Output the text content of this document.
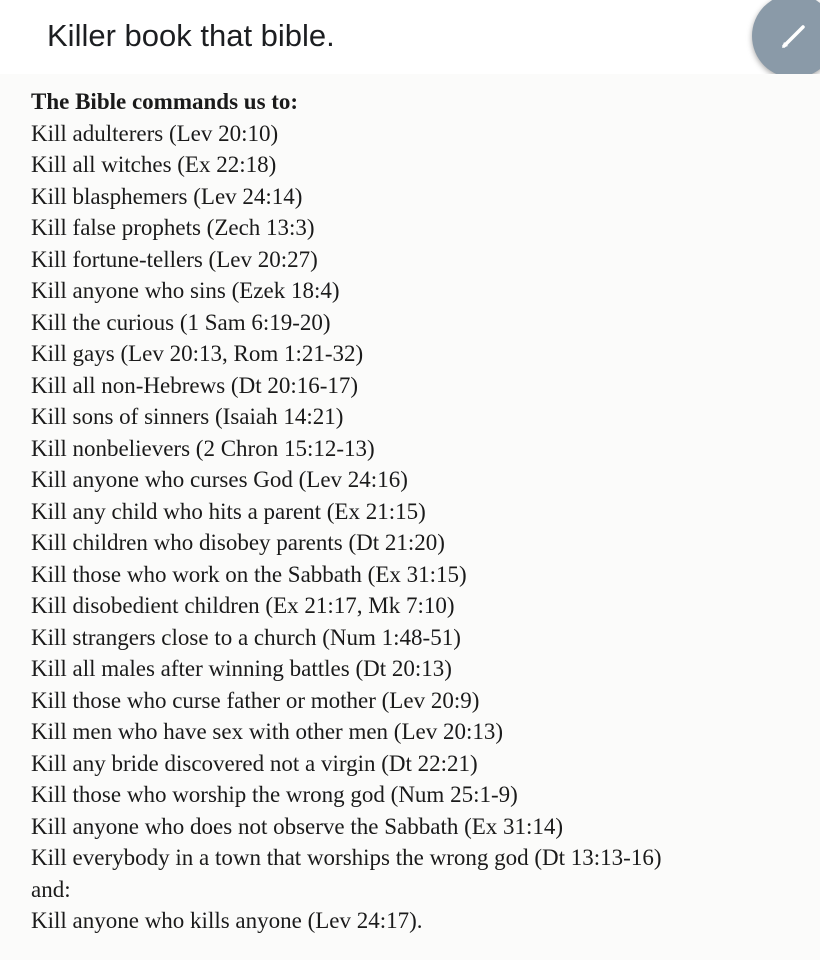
Killer book that bible.
The Bible commands us to:
Kill adulterers (Lev 20:10)
Kill all witches (Ex 22:18)
Kill blasphemers (Lev 24:14)
Kill false prophets (Zech 13:3)
Kill fortune-tellers (Lev 20:27)
Kill anyone who sins (Ezek 18:4)
Kill the curious (1 Sam 6:19-20)
Kill gays (Lev 20:13, Rom 1:21-32)
Kill all non-Hebrews (Dt 20:16-17)
Kill sons of sinners (Isaiah 14:21)
Kill nonbelievers (2 Chron 15:12-13)
Kill anyone who curses God (Lev 24:16)
Kill any child who hits a parent (Ex 21:15)
Kill children who disobey parents (Dt 21:20)
Kill those who work on the Sabbath (Ex 31:15)
Kill disobedient children (Ex 21:17, Mk 7:10)
Kill strangers close to a church (Num 1:48-51)
Kill all males after winning battles (Dt 20:13)
Kill those who curse father or mother (Lev 20:9)
Kill men who have sex with other men (Lev 20:13)
Kill any bride discovered not a virgin (Dt 22:21)
Kill those who worship the wrong god (Num 25:1-9)
Kill anyone who does not observe the Sabbath (Ex 31:14)
Kill everybody in a town that worships the wrong god (Dt 13:13-16)
and:
Kill anyone who kills anyone (Lev 24:17).
